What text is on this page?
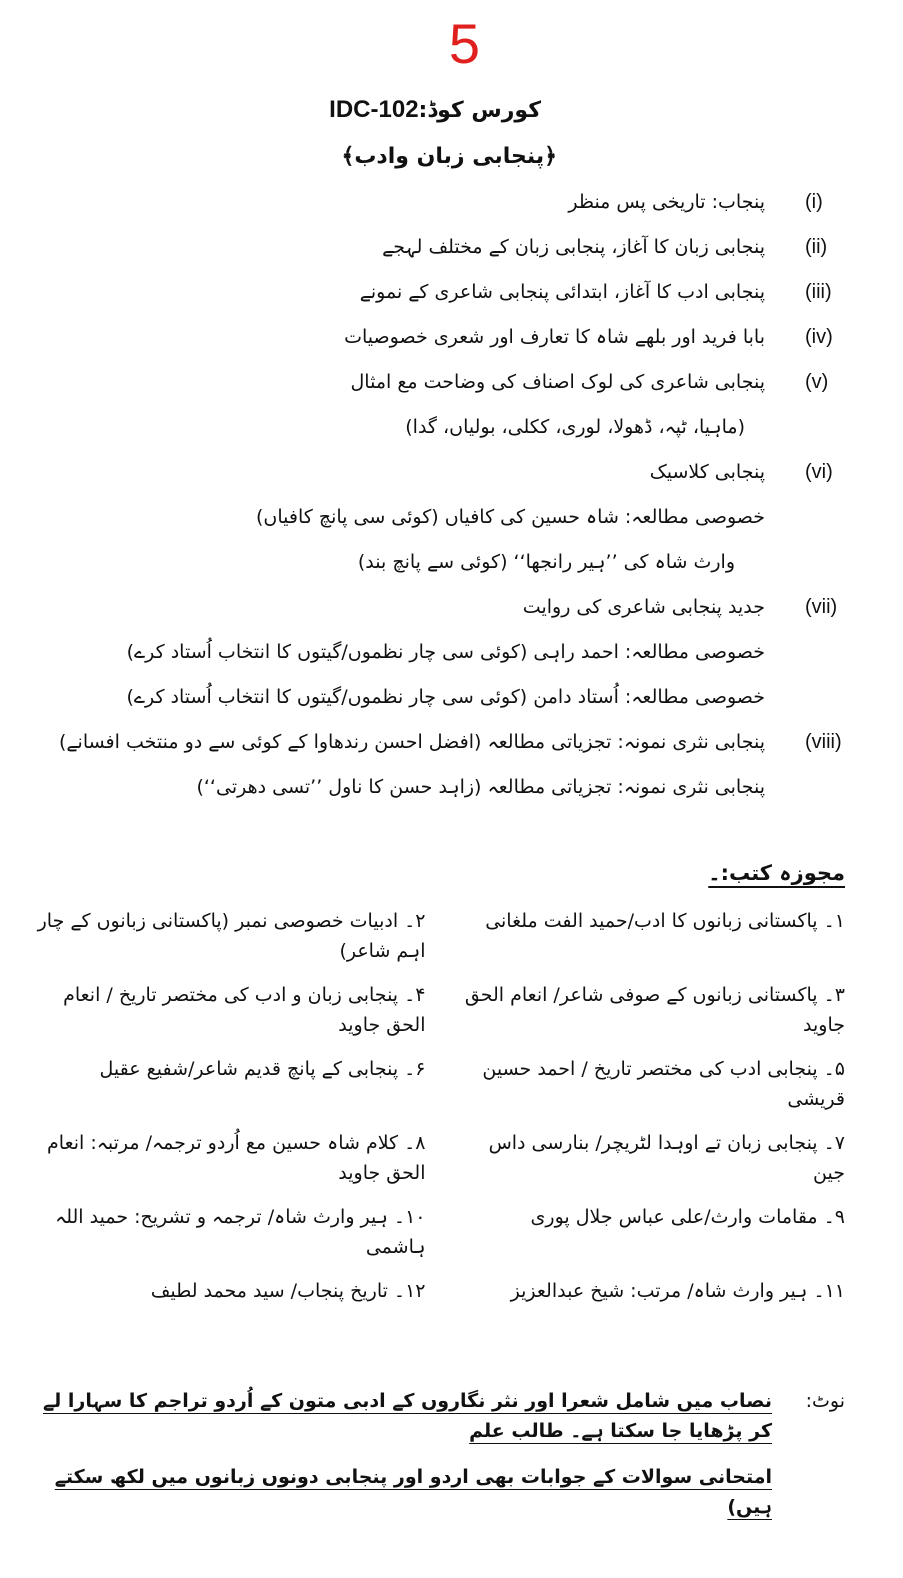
5
کورس کوڈ:IDC-102
﴿پنجابی زبان وادب﴾
(i)
پنجاب: تاریخی پس منظر
(ii)
پنجابی زبان کا آغاز، پنجابی زبان کے مختلف لہجے
(iii)
پنجابی ادب کا آغاز، ابتدائی پنجابی شاعری کے نمونے
(iv)
بابا فرید اور بلھے شاہ کا تعارف اور شعری خصوصیات
(v)
پنجابی شاعری کی لوک اصناف کی وضاحت مع امثال
(ماہیا، ٹپہ، ڈھولا، لوری، ککلی، بولیاں، گدا)
(vi)
پنجابی کلاسیک
خصوصی مطالعہ: شاہ حسین کی کافیاں (کوئی سی پانچ کافیاں)
وارث شاہ کی ’’ہیر رانجھا‘‘ (کوئی سے پانچ بند)
(vii)
جدید پنجابی شاعری کی روایت
خصوصی مطالعہ: احمد راہی (کوئی سی چار نظموں/گیتوں کا انتخاب اُستاد کرے)
خصوصی مطالعہ: اُستاد دامن (کوئی سی چار نظموں/گیتوں کا انتخاب اُستاد کرے)
(viii)
پنجابی نثری نمونہ: تجزیاتی مطالعہ (افضل احسن رندھاوا کے کوئی سے دو منتخب افسانے)
پنجابی نثری نمونہ: تجزیاتی مطالعہ (زاہد حسن کا ناول ’’تسی دھرتی‘‘)
مجوزہ کتب:۔
۱۔ پاکستانی زبانوں کا ادب/حمید الفت ملغانی
۲۔ ادبیات خصوصی نمبر (پاکستانی زبانوں کے چار اہم شاعر)
۳۔ پاکستانی زبانوں کے صوفی شاعر/ انعام الحق جاوید
۴۔ پنجابی زبان و ادب کی مختصر تاریخ / انعام الحق جاوید
۵۔ پنجابی ادب کی مختصر تاریخ / احمد حسین قریشی
۶۔ پنجابی کے پانچ قدیم شاعر/شفیع عقیل
۷۔ پنجابی زبان تے اوہدا لٹریچر/ بنارسی داس جین
۸۔ کلام شاہ حسین مع اُردو ترجمہ/ مرتبہ: انعام الحق جاوید
۹۔ مقامات وارث/علی عباس جلال پوری
۱۰۔ ہیر وارث شاہ/ ترجمہ و تشریح: حمید اللہ ہاشمی
۱۱۔ ہیر وارث شاہ/ مرتب: شیخ عبدالعزیز
۱۲۔ تاریخ پنجاب/ سید محمد لطیف
نوٹ:
نصاب میں شامل شعرا اور نثر نگاروں کے ادبی متون کے اُردو تراجم کا سہارا لے کر پڑھایا جا سکتا ہے۔ طالب علم
امتحانی سوالات کے جوابات بھی اردو اور پنجابی دونوں زبانوں میں لکھ سکتے ہیں)
